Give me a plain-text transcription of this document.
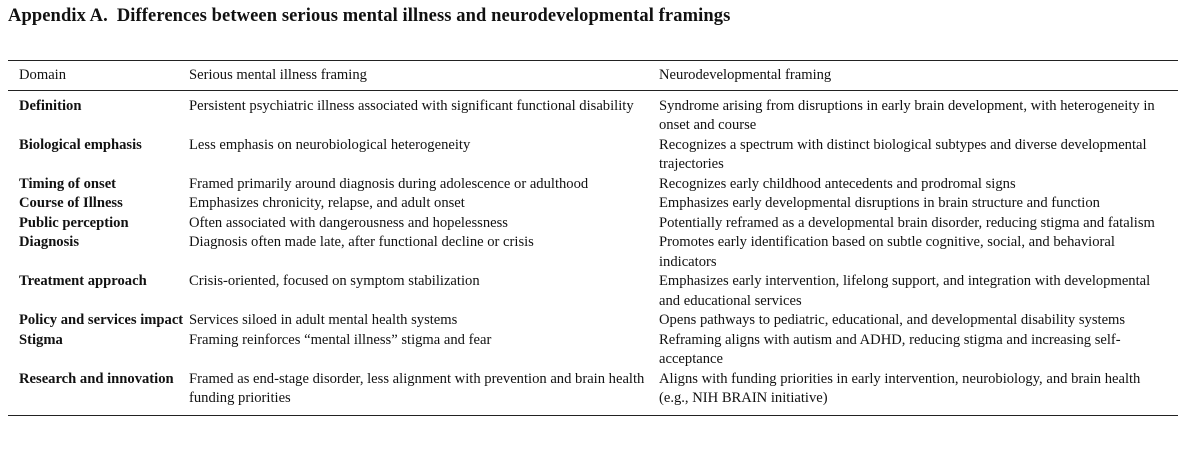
Appendix A. Differences between serious mental illness and neurodevelopmental framings
Domain	Serious mental illness framing	Neurodevelopmental framing

Definition	Persistent psychiatric illness associated with significant functional disability	Syndrome arising from disruptions in early brain development, with heterogeneity in onset and course

Biological emphasis	Less emphasis on neurobiological heterogeneity	Recognizes a spectrum with distinct biological subtypes and diverse developmental trajectories

Timing of onset	Framed primarily around diagnosis during adolescence or adulthood	Recognizes early childhood antecedents and prodromal signs

Course of Illness	Emphasizes chronicity, relapse, and adult onset	Emphasizes early developmental disruptions in brain structure and function

Public perception	Often associated with dangerousness and hopelessness	Potentially reframed as a developmental brain disorder, reducing stigma and fatalism

Diagnosis	Diagnosis often made late, after functional decline or crisis	Promotes early identification based on subtle cognitive, social, and behavioral indicators

Treatment approach	Crisis-oriented, focused on symptom stabilization	Emphasizes early intervention, lifelong support, and integration with developmental and educational services

Policy and services impact	Services siloed in adult mental health systems	Opens pathways to pediatric, educational, and developmental disability systems

Stigma	Framing reinforces “mental illness” stigma and fear	Reframing aligns with autism and ADHD, reducing stigma and increasing self-acceptance

Research and innovation	Framed as end-stage disorder, less alignment with prevention and brain health funding priorities	Aligns with funding priorities in early intervention, neurobiology, and brain health (e.g., NIH BRAIN initiative)
